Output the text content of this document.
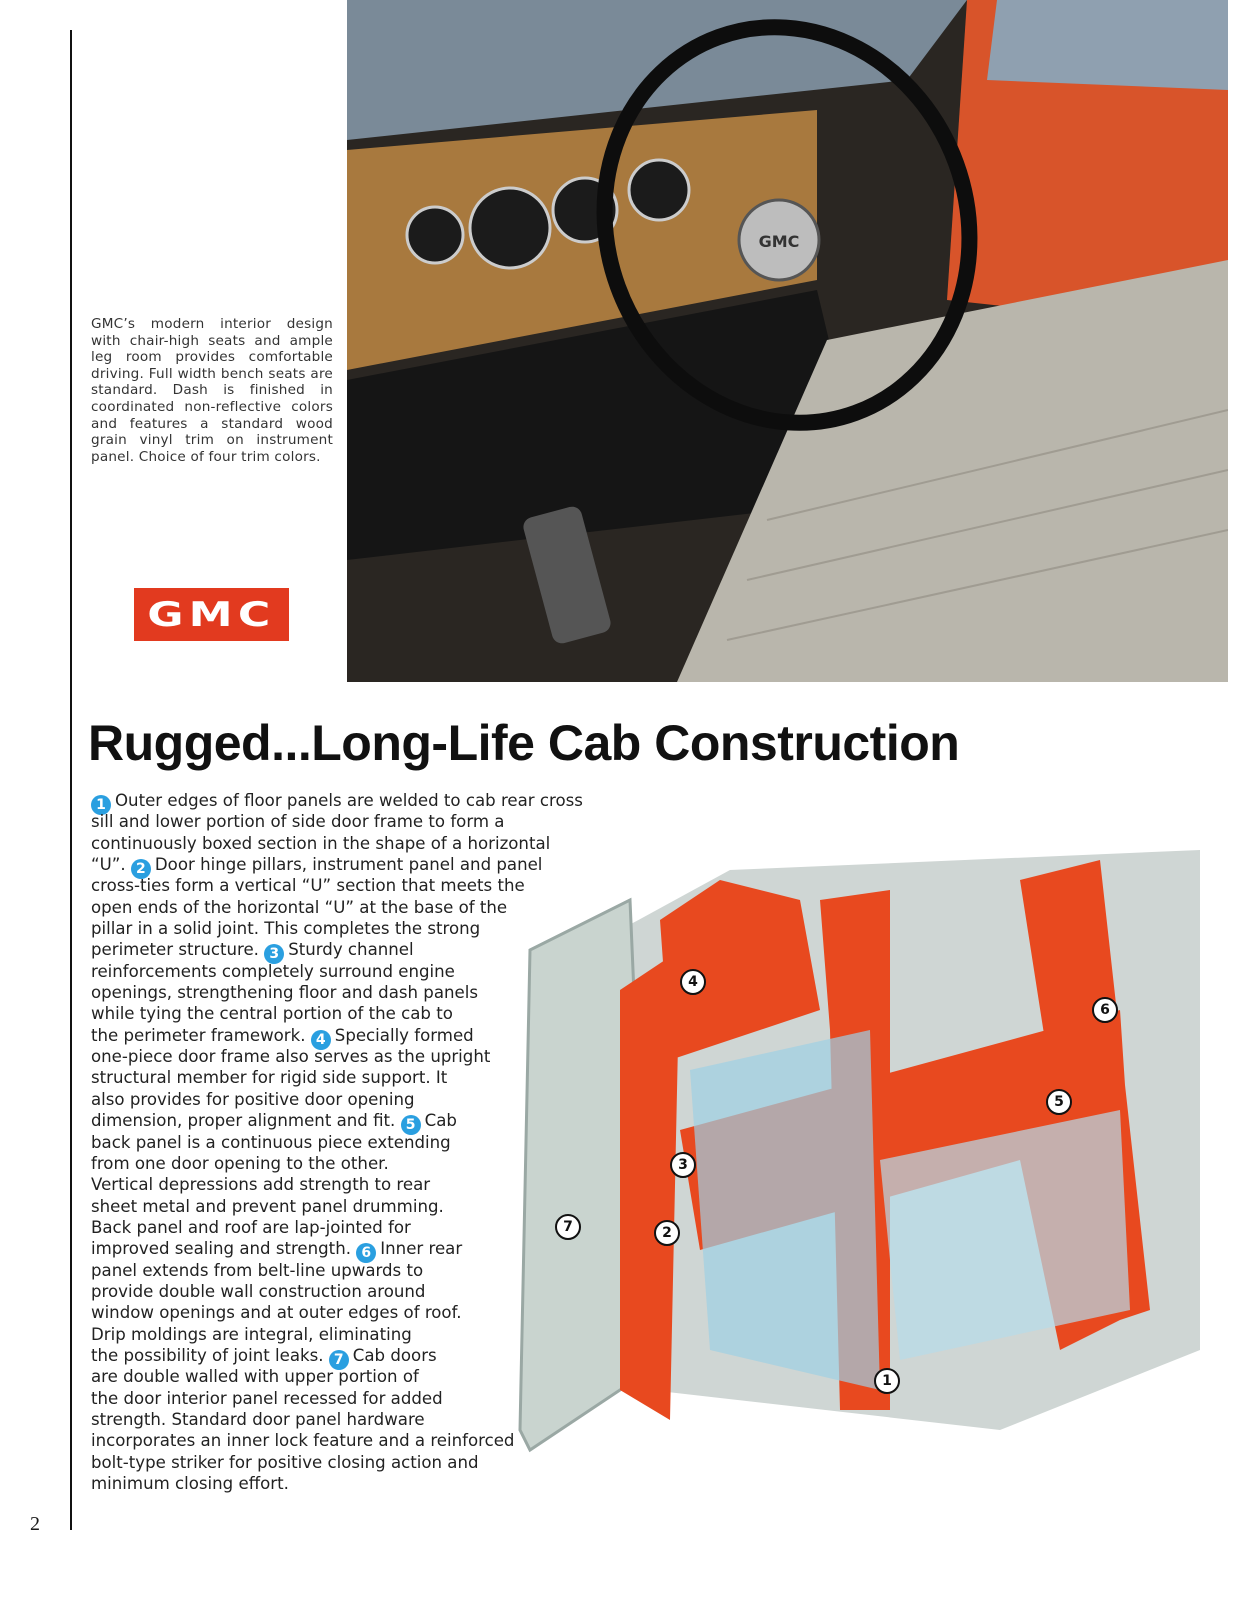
2
GMC’s modern interior design with chair-high seats and ample leg room provides comfortable driving. Full width bench seats are standard. Dash is finished in coordinated non-reflective colors and features a standard wood grain vinyl trim on instrument panel. Choice of four trim colors.
GMC
GMC
Rugged...Long-Life Cab Construction
1 Outer edges of floor panels are welded to cab rear cross
sill and lower portion of side door frame to form a
continuously boxed section in the shape of a horizontal
“U”. 2 Door hinge pillars, instrument panel and panel
cross-ties form a vertical “U” section that meets the
open ends of the horizontal “U” at the base of the
pillar in a solid joint. This completes the strong
perimeter structure. 3 Sturdy channel
reinforcements completely surround engine
openings, strengthening floor and dash panels
while tying the central portion of the cab to
the perimeter framework. 4 Specially formed
one-piece door frame also serves as the upright
structural member for rigid side support. It
also provides for positive door opening
dimension, proper alignment and fit. 5 Cab
back panel is a continuous piece extending
from one door opening to the other.
Vertical depressions add strength to rear
sheet metal and prevent panel drumming.
Back panel and roof are lap-jointed for
improved sealing and strength. 6 Inner rear
panel extends from belt-line upwards to
provide double wall construction around
window openings and at outer edges of roof.
Drip moldings are integral, eliminating
the possibility of joint leaks. 7 Cab doors
are double walled with upper portion of
the door interior panel recessed for added
strength. Standard door panel hardware
incorporates an inner lock feature and a reinforced
bolt-type striker for positive closing action and
minimum closing effort.
1
2
3
4
5
6
7
